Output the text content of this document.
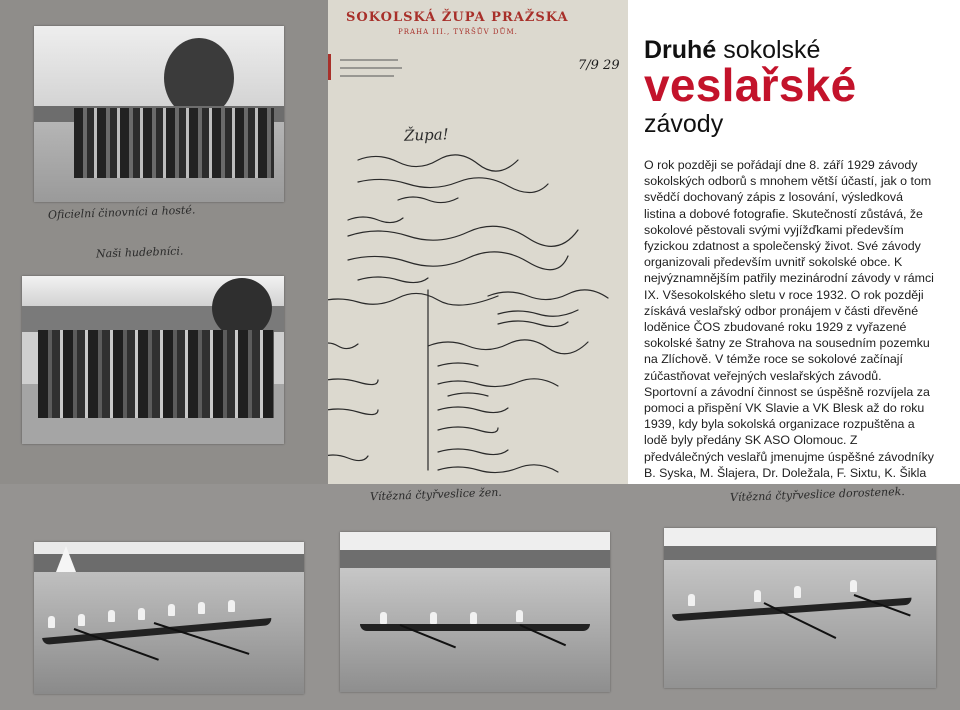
Oficielní činovníci a hosté.
Naši hudebníci.
SOKOLSKÁ ŽUPA PRAŽSKA
PRAHA III., TYRŠŮV DŮM.
7/9 29
Župa!
Druhé sokolské
veslařské
závody
O rok později se pořádají dne 8. září 1929 závody sokolských odborů s mnohem větší účastí, jak o tom svědčí dochovaný zápis z losování, výsledková listina a dobové fotografie. Skutečností zůstává, že sokolové pěstovali svými vyjížďkami především fyzickou zdatnost a společenský život. Své závody organizovali především uvnitř sokolské obce. K nejvýznamnějším patřily mezinárodní závody v rámci IX. Všesokolského sletu v roce 1932. O rok později získává veslařský odbor pronájem v části dřevěné loděnice ČOS zbudované roku 1929 z vyřazené sokolské šatny ze Strahova na sousedním pozemku na Zlíchově. V témže roce se sokolové začínají zúčastňovat veřejných veslařských závodů. Sportovní a závodní činnost se úspěšně rozvíjela za pomoci a přispění VK Slavie a VK Blesk až do roku 1939, kdy byla sokolská organizace rozpuštěna a lodě byly předány SK ASO Olomouc. Z předválečných veslařů jmenujme úspěšné závodníky B. Syska, M. Šlajera, Dr. Doležala, F. Sixtu, K. Šikla
Vítězná čtyřveslice žen.	Vítězná čtyřveslice dorostenek.
